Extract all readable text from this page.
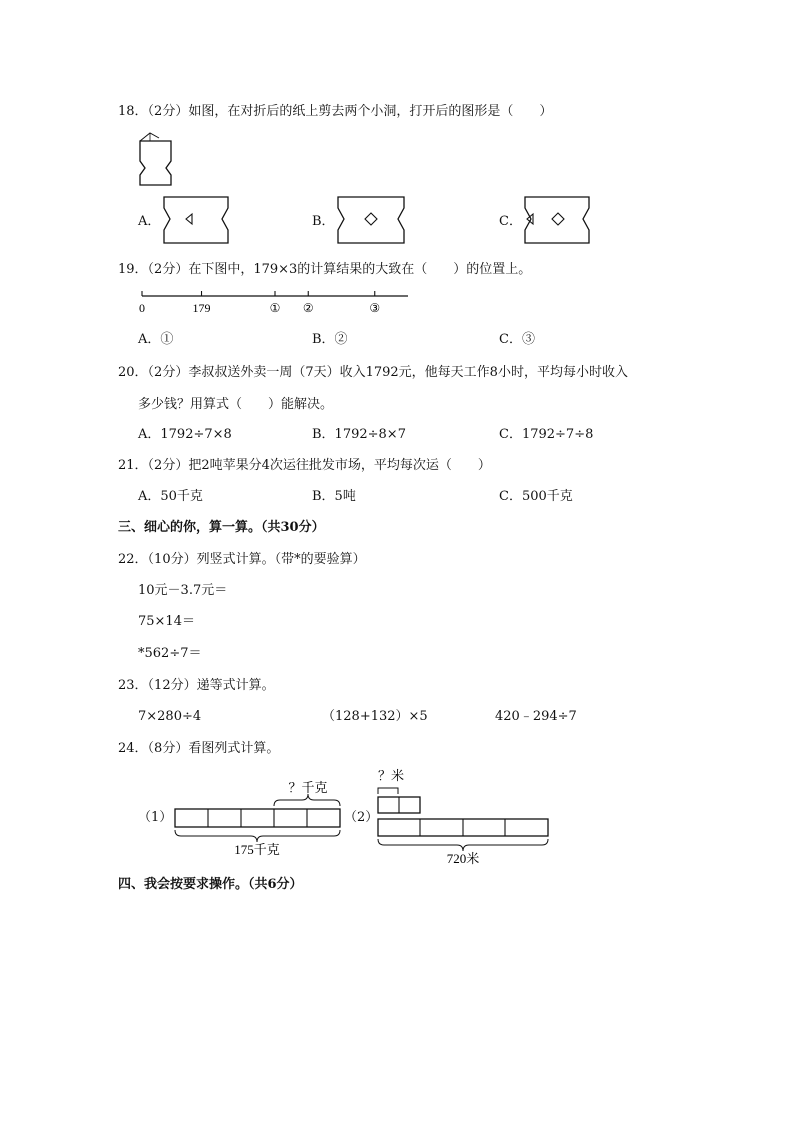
18．（2分）如图，在对折后的纸上剪去两个小洞，打开后的图形是（　　）
A．	B．	C．
19．（2分）在下图中，179×3的计算结果的大致在（　　）的位置上。
0	179	① ②	③
A．①	B．②	C．③
20．（2分）李叔叔送外卖一周（7天）收入1792元，他每天工作8小时，平均每小时收入
多少钱？用算式（　　）能解决。
A．1792÷7×8	B．1792÷8×7	C．1792÷7÷8
21．（2分）把2吨苹果分4次运往批发市场，平均每次运（　　）
A．50千克	B．5吨	C．500千克
三、细心的你，算一算。（共30分）
22．（10分）列竖式计算。（带*的要验算）
10元－3.7元＝
75×14＝
*562÷7＝
23．（12分）递等式计算。
7×280÷4	（128+132）×5	420﹣294÷7
24．（8分）看图列式计算。
（1）
？千克
175千克
（2）
？米
720米
四、我会按要求操作。（共6分）
